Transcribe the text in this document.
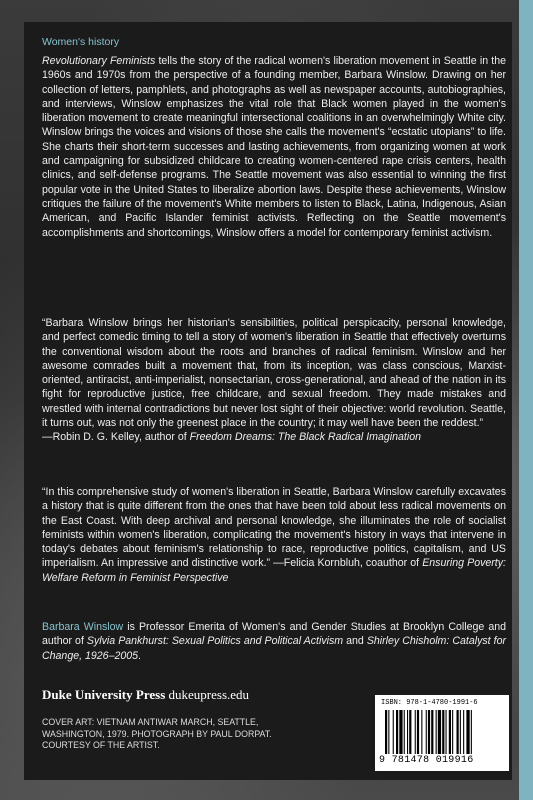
Women's history

Revolutionary Feminists tells the story of the radical women's liberation movement in Seattle in the 1960s and 1970s from the perspective of a founding member, Barbara Winslow. Drawing on her collection of letters, pamphlets, and photographs as well as newspaper accounts, autobiographies, and interviews, Winslow emphasizes the vital role that Black women played in the women's liberation movement to create meaningful intersectional coalitions in an overwhelmingly White city. Winslow brings the voices and visions of those she calls the movement's “ecstatic utopians” to life. She charts their short-term successes and lasting achievements, from organizing women at work and campaigning for subsidized childcare to creating women-centered rape crisis centers, health clinics, and self-defense programs. The Seattle movement was also essential to winning the first popular vote in the United States to liberalize abortion laws. Despite these achievements, Winslow critiques the failure of the movement's White members to listen to Black, Latina, Indigenous, Asian American, and Pacific Islander feminist activists. Reflecting on the Seattle movement's accomplishments and shortcomings, Winslow offers a model for contemporary feminist activism.

“Barbara Winslow brings her historian's sensibilities, political perspicacity, personal knowledge, and perfect comedic timing to tell a story of women's liberation in Seattle that effectively overturns the conventional wisdom about the roots and branches of radical feminism. Winslow and her awesome comrades built a movement that, from its inception, was class conscious, Marxist-oriented, antiracist, anti-imperialist, nonsectarian, cross-generational, and ahead of the nation in its fight for reproductive justice, free childcare, and sexual freedom. They made mistakes and wrestled with internal contradictions but never lost sight of their objective: world revolution. Seattle, it turns out, was not only the greenest place in the country; it may well have been the reddest.”
—Robin D. G. Kelley, author of Freedom Dreams: The Black Radical Imagination

“In this comprehensive study of women's liberation in Seattle, Barbara Winslow carefully excavates a history that is quite different from the ones that have been told about less radical movements on the East Coast. With deep archival and personal knowledge, she illuminates the role of socialist feminists within women's liberation, complicating the movement's history in ways that intervene in today's debates about feminism's relationship to race, reproductive politics, capitalism, and US imperialism. An impressive and distinctive work.” —Felicia Kornbluh, coauthor of Ensuring Poverty: Welfare Reform in Feminist Perspective

Barbara Winslow is Professor Emerita of Women's and Gender Studies at Brooklyn College and author of Sylvia Pankhurst: Sexual Politics and Political Activism and Shirley Chisholm: Catalyst for Change, 1926–2005.

Duke University Press dukeupress.edu
COVER ART: VIETNAM ANTIWAR MARCH, SEATTLE, WASHINGTON, 1979. PHOTOGRAPH BY PAUL DORPAT. COURTESY OF THE ARTIST.
ISBN: 978-1-4780-1991-6
9 781478 019916
